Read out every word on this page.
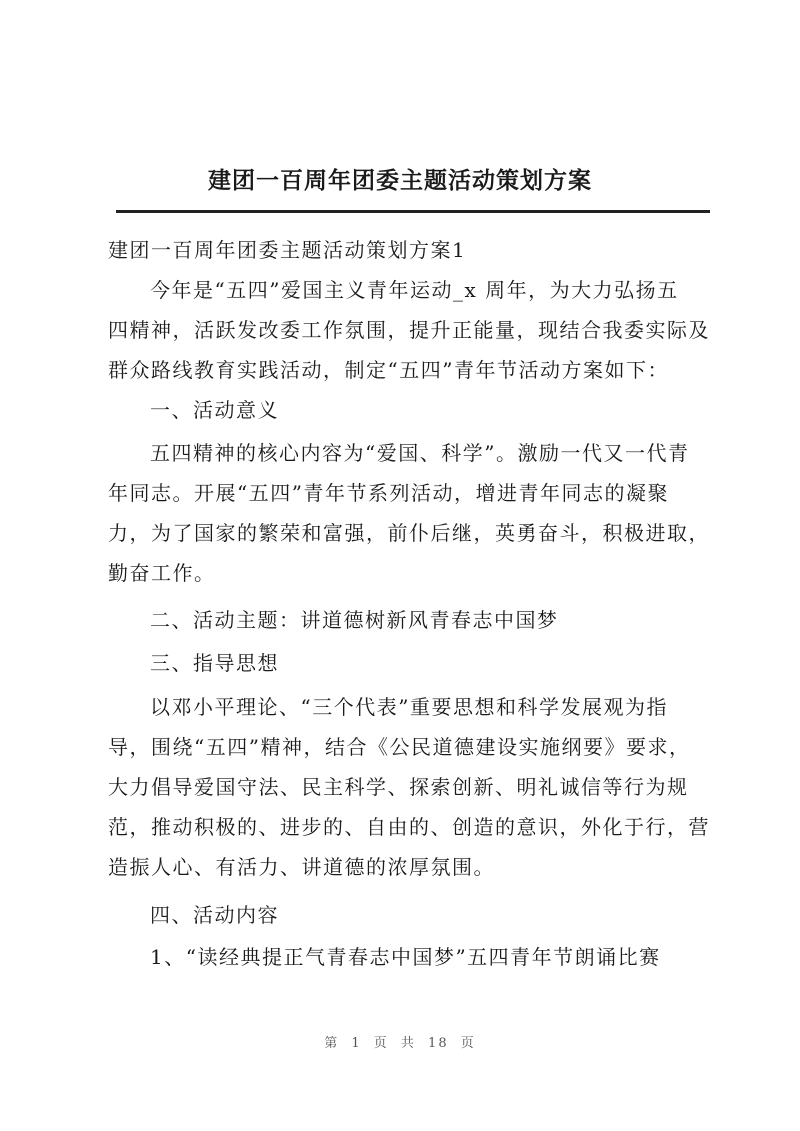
建团一百周年团委主题活动策划方案

建团一百周年团委主题活动策划方案1

今年是“五四”爱国主义青年运动_x 周年，为大力弘扬五
四精神，活跃发改委工作氛围，提升正能量，现结合我委实际及
群众路线教育实践活动，制定“五四”青年节活动方案如下：

一、活动意义

五四精神的核心内容为“爱国、科学”。激励一代又一代青
年同志。开展“五四”青年节系列活动，增进青年同志的凝聚
力，为了国家的繁荣和富强，前仆后继，英勇奋斗，积极进取，
勤奋工作。

二、活动主题：讲道德树新风青春志中国梦

三、指导思想

以邓小平理论、“三个代表”重要思想和科学发展观为指
导，围绕“五四”精神，结合《公民道德建设实施纲要》要求，
大力倡导爱国守法、民主科学、探索创新、明礼诚信等行为规
范，推动积极的、进步的、自由的、创造的意识，外化于行，营
造振人心、有活力、讲道德的浓厚氛围。

四、活动内容

1、“读经典提正气青春志中国梦”五四青年节朗诵比赛

第 1 页 共 18 页
